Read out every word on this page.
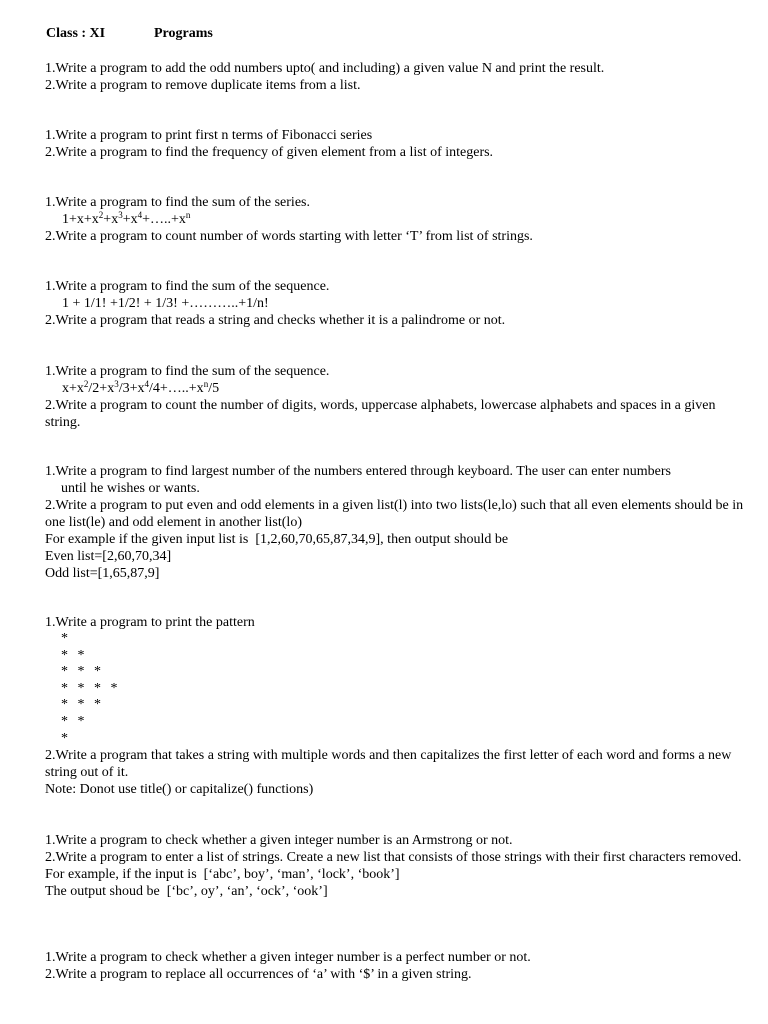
Class : XI	Programs
1.Write a program to add the odd numbers upto( and including) a given value N and print the result.
2.Write a program to remove duplicate items from a list.
1.Write a program to print first n terms of Fibonacci series
2.Write a program to find the frequency of given element from a list of integers.
1.Write a program to find the sum of the series.
$1+x+x^2+x^3+x^4+\dots..+x^n$
2.Write a program to count number of words starting with letter ‘T’ from list of strings.
1.Write a program to find the sum of the sequence.
1 + 1/1! +1/2! + 1/3! +………..+1/n!
2.Write a program that reads a string and checks whether it is a palindrome or not.
1.Write a program to find the sum of the sequence.
$x+x^2/2+x^3/3+x^4/4+\dots..+x^n/5$
2.Write a program to count the number of digits, words, uppercase alphabets, lowercase alphabets and spaces in a given string.
1.Write a program to find largest number of the numbers entered through keyboard. The user can enter numbers
until he wishes or wants.
2.Write a program to put even and odd elements in a given list(l) into two lists(le,lo) such that all even elements should be in one list(le) and odd element in another list(lo)
For example if the given input list is  [1,2,60,70,65,87,34,9], then output should be
Even list=[2,60,70,34]
Odd list=[1,65,87,9]
1.Write a program to print the pattern
*
* *
* * *
* * * *
* * *
* *
*
2.Write a program that takes a string with multiple words and then capitalizes the first letter of each word and forms a new string out of it.
Note: Donot use title() or capitalize() functions)
1.Write a program to check whether a given integer number is an Armstrong or not.
2.Write a program to enter a list of strings. Create a new list that consists of those strings with their first characters removed.
For example, if the input is  [‘abc’, boy’, ‘man’, ‘lock’, ‘book’]
The output shoud be  [‘bc’, oy’, ‘an’, ‘ock’, ‘ook’]
1.Write a program to check whether a given integer number is a perfect number or not.
2.Write a program to replace all occurrences of ‘a’ with ‘$’ in a given string.
